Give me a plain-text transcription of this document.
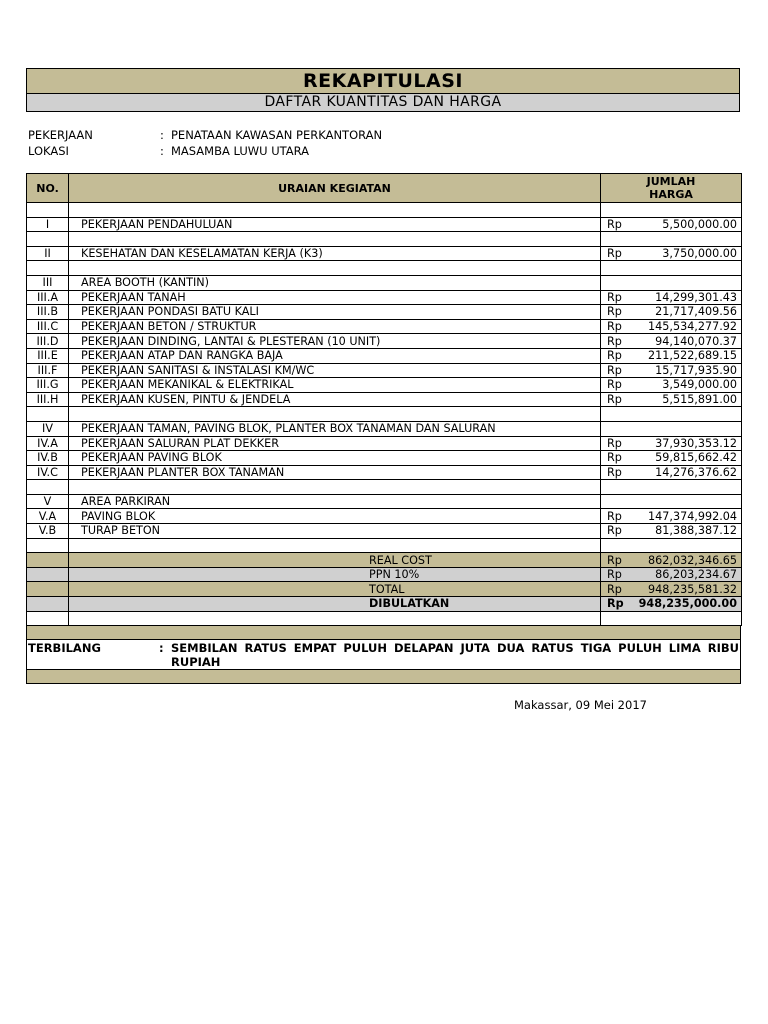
REKAPITULASI
DAFTAR KUANTITAS DAN HARGA
PEKERJAAN	: PENATAAN KAWASAN PERKANTORAN
LOKASI	: MASAMBA LUWU UTARA
NO.	URAIAN KEGIATAN	JUMLAH
HARGA	

I	PEKERJAAN PENDAHULUAN	Rp	5,500,000.00

II	KESEHATAN DAN KESELAMATAN KERJA (K3)	Rp	3,750,000.00

III	AREA BOOTH (KANTIN)		
III.A	PEKERJAAN TANAH	Rp	14,299,301.43
III.B	PEKERJAAN PONDASI BATU KALI	Rp	21,717,409.56
III.C	PEKERJAAN BETON / STRUKTUR	Rp	145,534,277.92
III.D	PEKERJAAN DINDING, LANTAI & PLESTERAN (10 UNIT)	Rp	94,140,070.37
III.E	PEKERJAAN ATAP DAN RANGKA BAJA	Rp	211,522,689.15
III.F	PEKERJAAN SANITASI & INSTALASI KM/WC	Rp	15,717,935.90
III.G	PEKERJAAN MEKANIKAL & ELEKTRIKAL	Rp	3,549,000.00
III.H	PEKERJAAN KUSEN, PINTU & JENDELA	Rp	5,515,891.00

IV	PEKERJAAN TAMAN, PAVING BLOK, PLANTER BOX TANAMAN DAN SALURAN		
IV.A	PEKERJAAN SALURAN PLAT DEKKER	Rp	37,930,353.12
IV.B	PEKERJAAN PAVING BLOK	Rp	59,815,662.42
IV.C	PEKERJAAN PLANTER BOX TANAMAN	Rp	14,276,376.62

V	AREA PARKIRAN		
V.A	PAVING BLOK	Rp	147,374,992.04
V.B	TURAP BETON	Rp	81,388,387.12

	REAL COST	Rp	862,032,346.65
	PPN 10%	Rp	86,203,234.67
	TOTAL	Rp	948,235,581.32
	DIBULATKAN	Rp	948,235,000.00

TERBILANG	: SEMBILAN RATUS EMPAT PULUH DELAPAN JUTA DUA RATUS TIGA PULUH LIMA RIBU RUPIAH
Makassar, 09 Mei 2017
